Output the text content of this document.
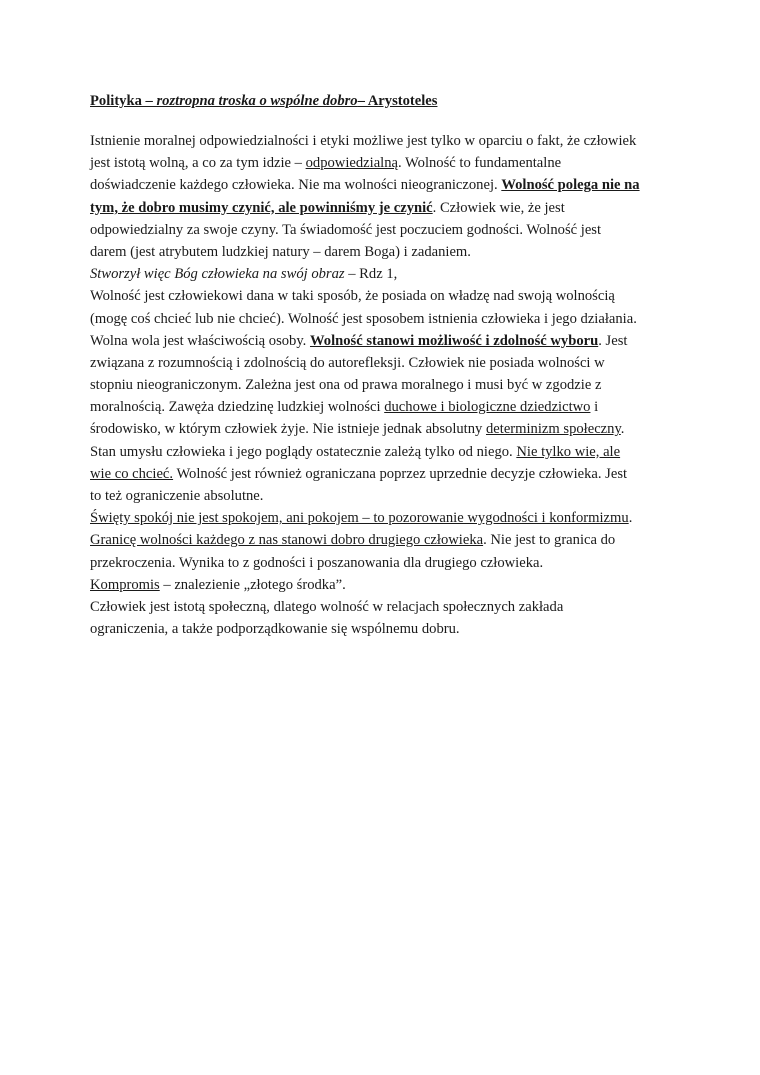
Polityka – roztropna troska o wspólne dobro– Arystoteles
Istnienie moralnej odpowiedzialności i etyki możliwe jest tylko w oparciu o fakt, że człowiek
jest istotą wolną, a co za tym idzie – odpowiedzialną. Wolność to fundamentalne
doświadczenie każdego człowieka. Nie ma wolności nieograniczonej. Wolność polega nie na
tym, że dobro musimy czynić, ale powinniśmy je czynić. Człowiek wie, że jest
odpowiedzialny za swoje czyny. Ta świadomość jest poczuciem godności. Wolność jest
darem (jest atrybutem ludzkiej natury – darem Boga) i zadaniem.
Stworzył więc Bóg człowieka na swój obraz – Rdz 1,
Wolność jest człowiekowi dana w taki sposób, że posiada on władzę nad swoją wolnością
(mogę coś chcieć lub nie chcieć). Wolność jest sposobem istnienia człowieka i jego działania.
Wolna wola jest właściwością osoby. Wolność stanowi możliwość i zdolność wyboru. Jest
związana z rozumnością i zdolnością do autorefleksji. Człowiek nie posiada wolności w
stopniu nieograniczonym. Zależna jest ona od prawa moralnego i musi być w zgodzie z
moralnością. Zawęża dziedzinę ludzkiej wolności duchowe i biologiczne dziedzictwo i
środowisko, w którym człowiek żyje. Nie istnieje jednak absolutny determinizm społeczny.
Stan umysłu człowieka i jego poglądy ostatecznie zależą tylko od niego. Nie tylko wie, ale
wie co chcieć. Wolność jest również ograniczana poprzez uprzednie decyzje człowieka. Jest
to też ograniczenie absolutne.
Święty spokój nie jest spokojem, ani pokojem – to pozorowanie wygodności i konformizmu.
Granicę wolności każdego z nas stanowi dobro drugiego człowieka. Nie jest to granica do
przekroczenia. Wynika to z godności i poszanowania dla drugiego człowieka.
Kompromis – znalezienie „złotego środka”.
Człowiek jest istotą społeczną, dlatego wolność w relacjach społecznych zakłada
ograniczenia, a także podporządkowanie się wspólnemu dobru.
